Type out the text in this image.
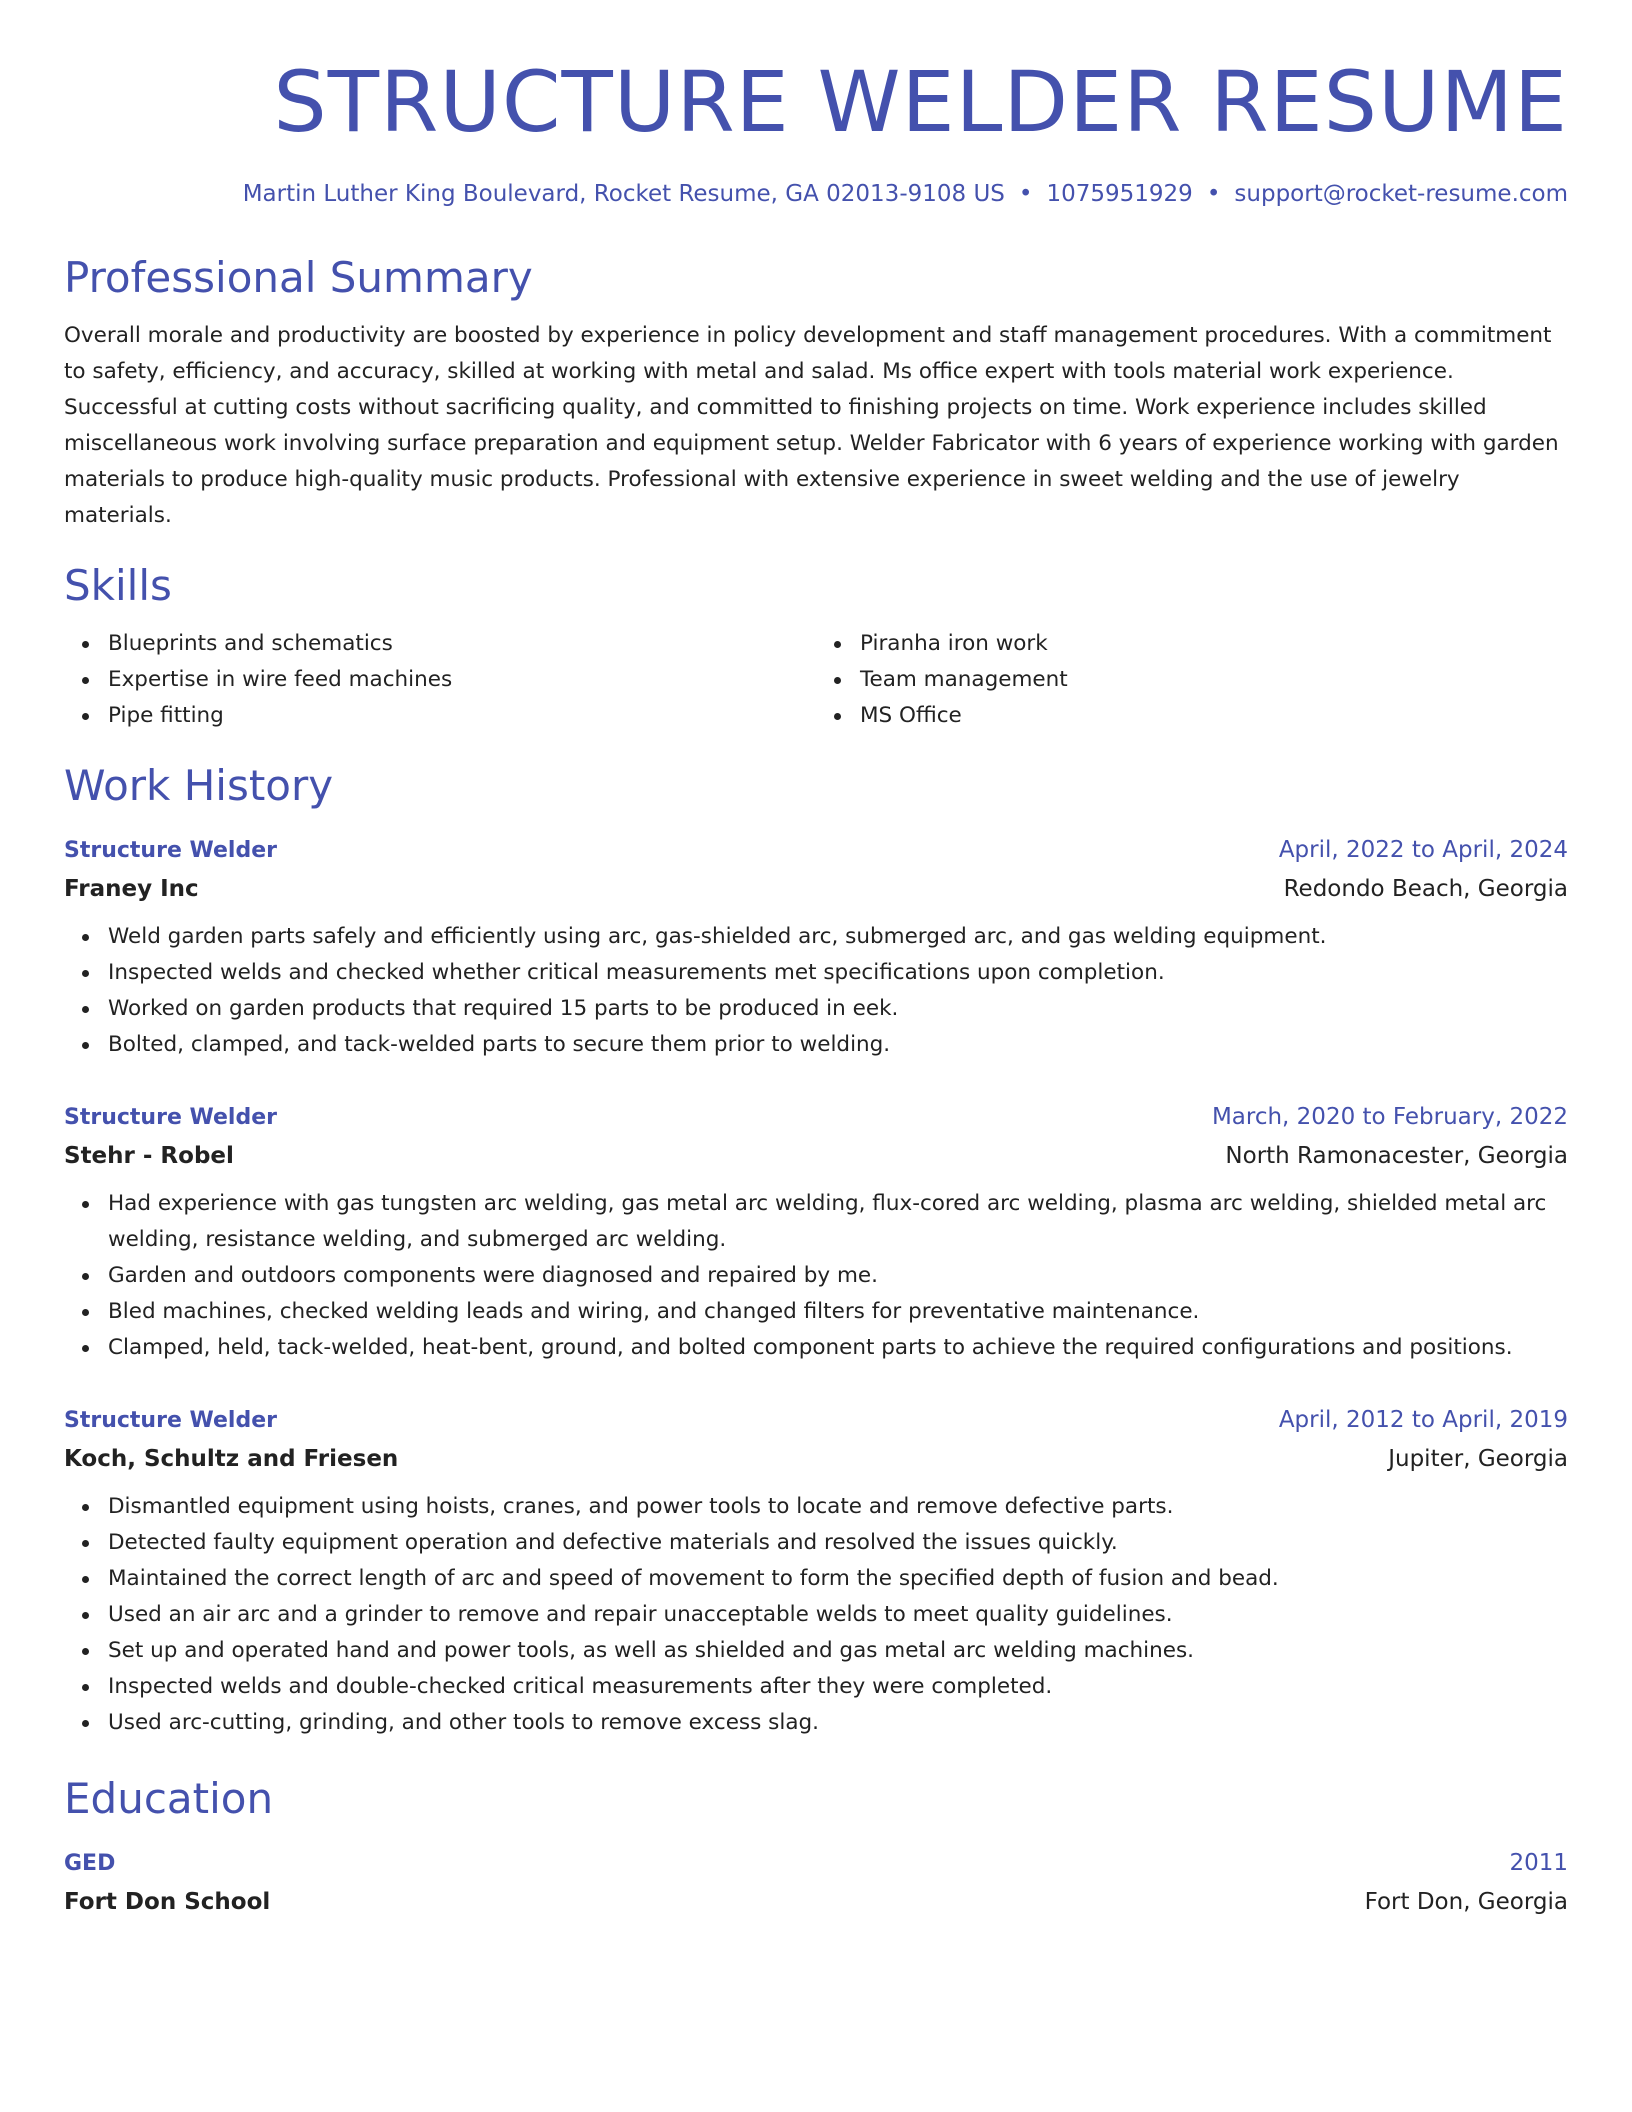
STRUCTURE WELDER RESUME
Martin Luther King Boulevard, Rocket Resume, GA 02013-9108 US • 1075951929 • support@rocket-resume.com
Professional Summary
Overall morale and productivity are boosted by experience in policy development and staff management procedures. With a commitment to safety, efficiency, and accuracy, skilled at working with metal and salad. Ms office expert with tools material work experience. Successful at cutting costs without sacrificing quality, and committed to finishing projects on time. Work experience includes skilled miscellaneous work involving surface preparation and equipment setup. Welder Fabricator with 6 years of experience working with garden materials to produce high-quality music products. Professional with extensive experience in sweet welding and the use of jewelry materials.
Skills
Blueprints and schematics
Expertise in wire feed machines
Pipe fitting
Piranha iron work
Team management
MS Office
Work History
Structure Welder	April, 2022 to April, 2024
Franey Inc	Redondo Beach, Georgia
Weld garden parts safely and efficiently using arc, gas-shielded arc, submerged arc, and gas welding equipment.
Inspected welds and checked whether critical measurements met specifications upon completion.
Worked on garden products that required 15 parts to be produced in eek.
Bolted, clamped, and tack-welded parts to secure them prior to welding.
Structure Welder	March, 2020 to February, 2022
Stehr - Robel	North Ramonacester, Georgia
Had experience with gas tungsten arc welding, gas metal arc welding, flux-cored arc welding, plasma arc welding, shielded metal arc welding, resistance welding, and submerged arc welding.
Garden and outdoors components were diagnosed and repaired by me.
Bled machines, checked welding leads and wiring, and changed filters for preventative maintenance.
Clamped, held, tack-welded, heat-bent, ground, and bolted component parts to achieve the required configurations and positions.
Structure Welder	April, 2012 to April, 2019
Koch, Schultz and Friesen	Jupiter, Georgia
Dismantled equipment using hoists, cranes, and power tools to locate and remove defective parts.
Detected faulty equipment operation and defective materials and resolved the issues quickly.
Maintained the correct length of arc and speed of movement to form the specified depth of fusion and bead.
Used an air arc and a grinder to remove and repair unacceptable welds to meet quality guidelines.
Set up and operated hand and power tools, as well as shielded and gas metal arc welding machines.
Inspected welds and double-checked critical measurements after they were completed.
Used arc-cutting, grinding, and other tools to remove excess slag.
Education
GED	2011
Fort Don School	Fort Don, Georgia
